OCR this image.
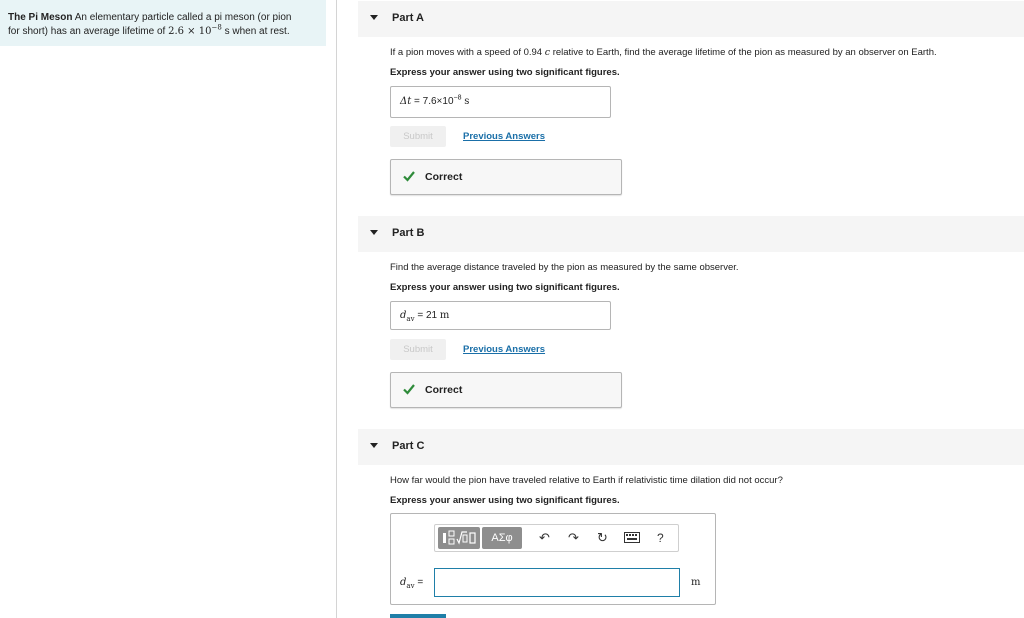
The Pi Meson An elementary particle called a pi meson (or pion
for short) has an average lifetime of $2.6 \times 10^{-8}$ s when at rest.
Part A
If a pion moves with a speed of 0.94 c relative to Earth, find the average lifetime of the pion as measured by an observer on Earth.
Express your answer using two significant figures.
$\Delta t = 7.6\times 10^{-8}$ s
Submit	Previous Answers
Correct
Part B
Find the average distance traveled by the pion as measured by the same observer.
Express your answer using two significant figures.
$d_{av} = 21$ m
Submit	Previous Answers
Correct
Part C
How far would the pion have traveled relative to Earth if relativistic time dilation did not occur?
Express your answer using two significant figures.
ΑΣφ	↶ ↷ ↻	?
$d_{av}$ =	m
